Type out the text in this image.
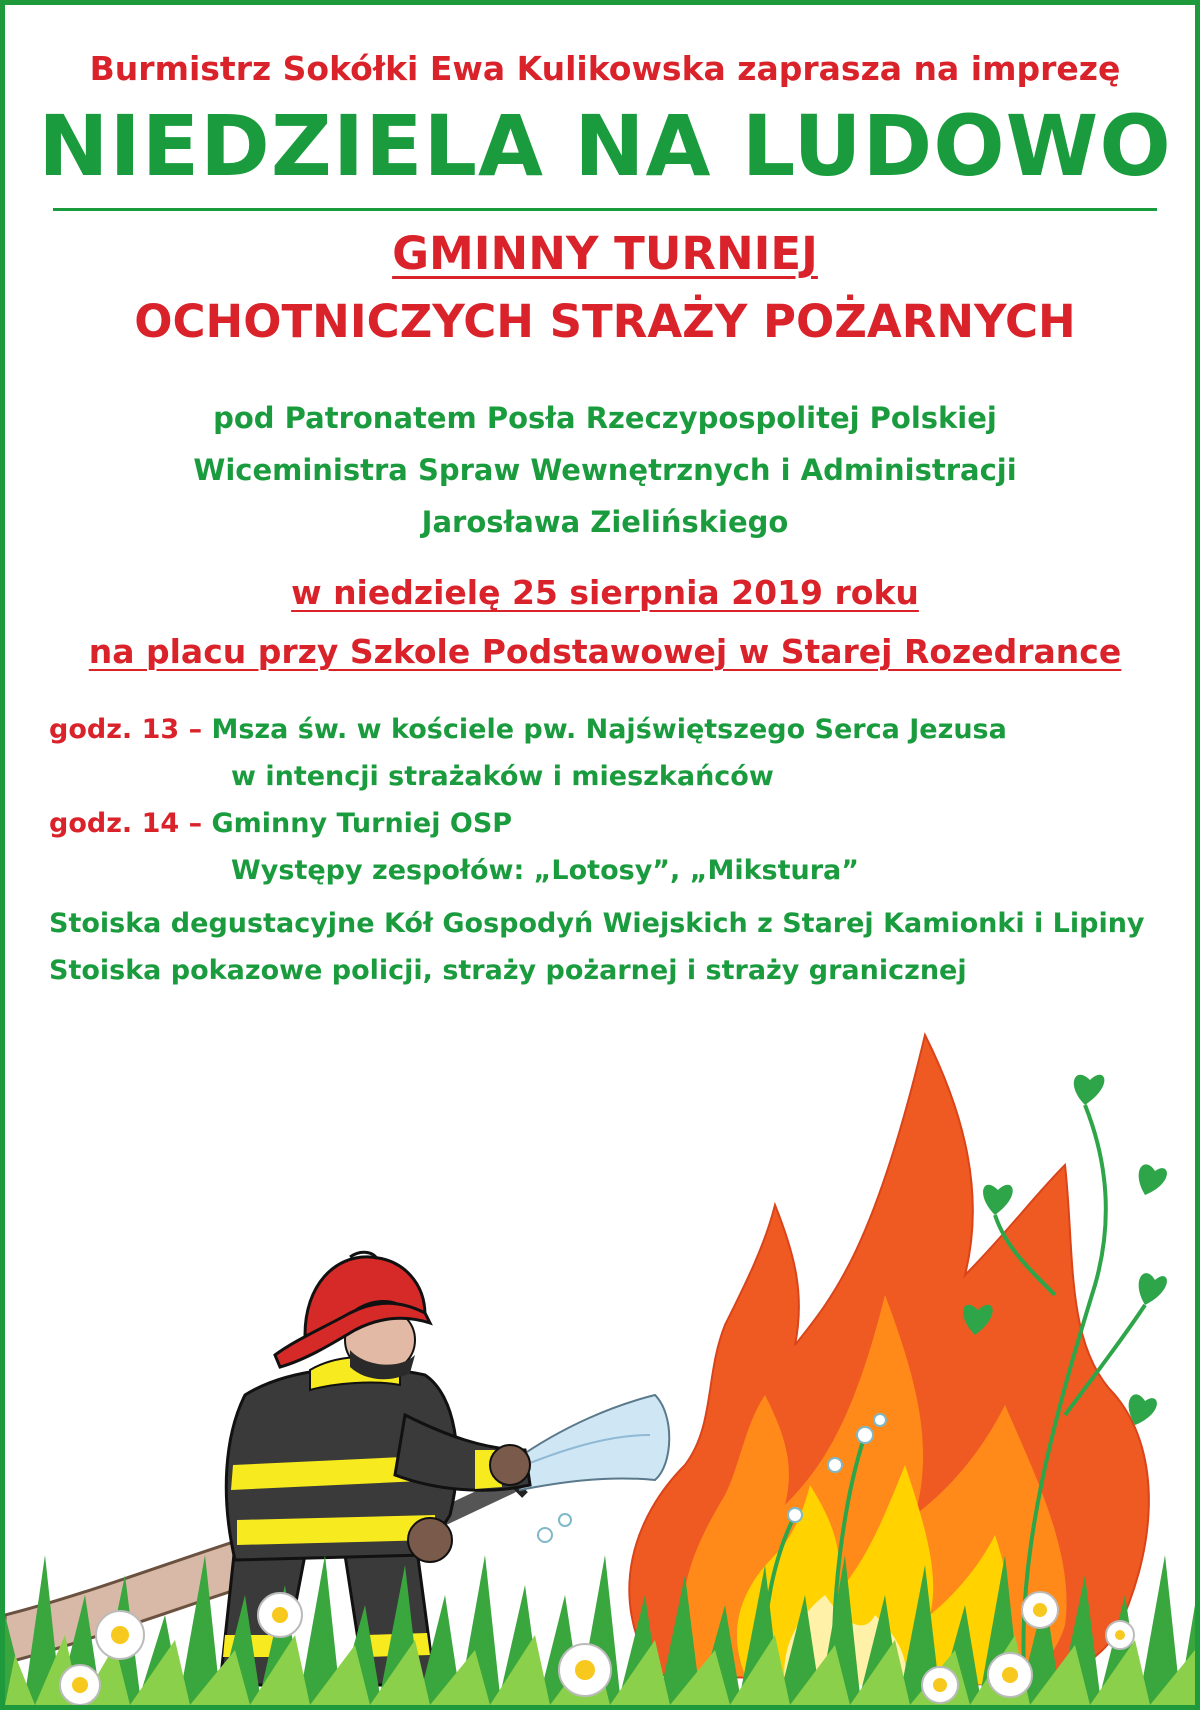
Burmistrz Sokółki Ewa Kulikowska zaprasza na imprezę

NIEDZIELA NA LUDOWO

GMINNY TURNIEJ

OCHOTNICZYCH STRAŻY POŻARNYCH

pod Patronatem Posła Rzeczypospolitej Polskiej

Wiceministra Spraw Wewnętrznych i Administracji

Jarosława Zielińskiego

w niedzielę 25 sierpnia 2019 roku

na placu przy Szkole Podstawowej w Starej Rozedrance

godz. 13 – Msza św. w kościele pw. Najświętszego Serca Jezusa

w intencji strażaków i mieszkańców

godz. 14 – Gminny Turniej OSP

Występy zespołów: „Lotosy”, „Mikstura”

Stoiska degustacyjne Kół Gospodyń Wiejskich z Starej Kamionki i Lipiny

Stoiska pokazowe policji, straży pożarnej i straży granicznej
